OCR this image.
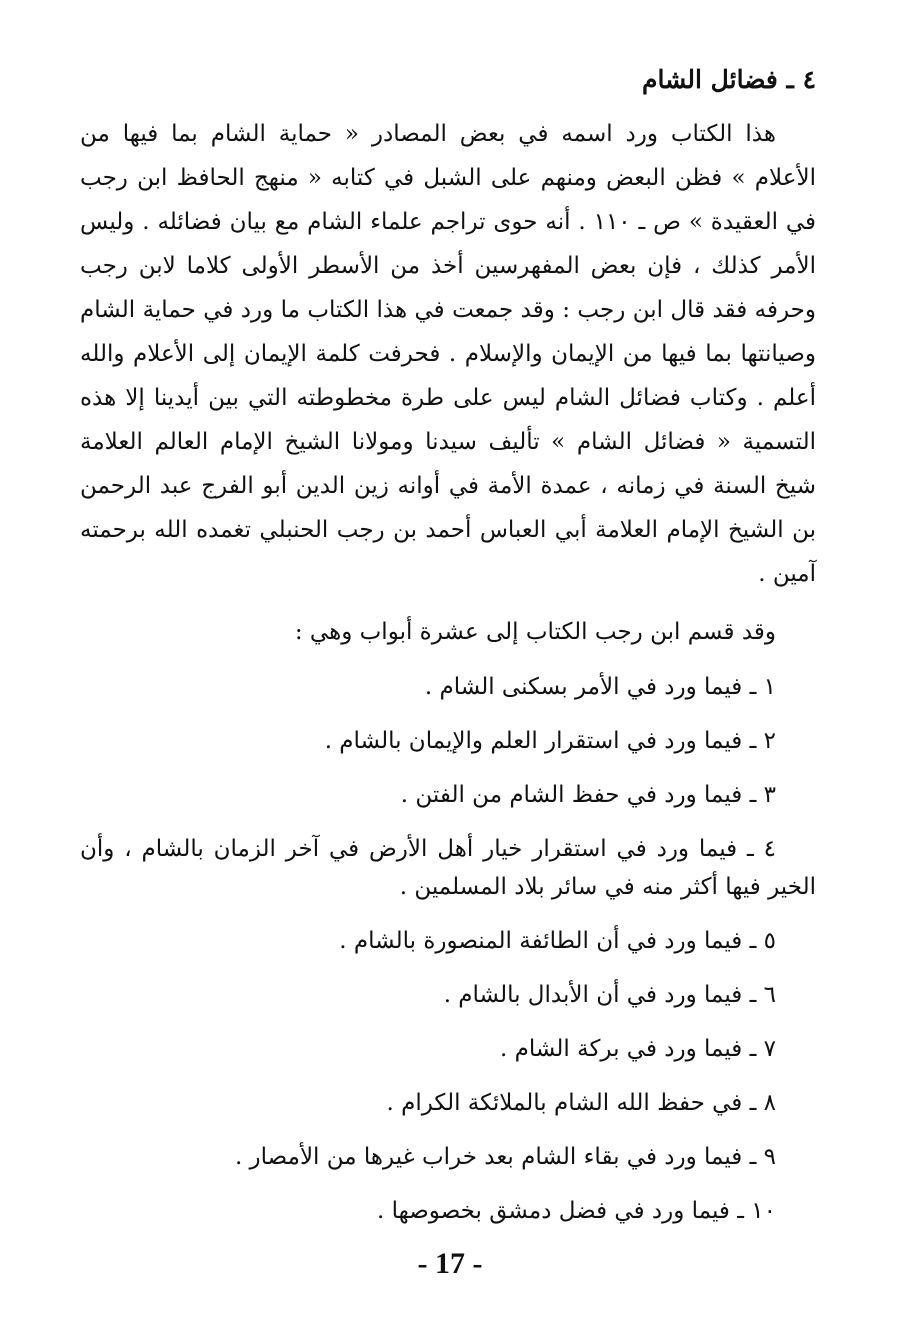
٤ ـ فضائل الشام

هذا الكتاب ورد اسمه في بعض المصادر « حماية الشام بما فيها من الأعلام » فظن البعض ومنهم على الشبل في كتابه « منهج الحافظ ابن رجب في العقيدة » ص ـ ١١٠ . أنه حوى تراجم علماء الشام مع بيان فضائله . وليس الأمر كذلك ، فإن بعض المفهرسين أخذ من الأسطر الأولى كلاما لابن رجب وحرفه فقد قال ابن رجب : وقد جمعت في هذا الكتاب ما ورد في حماية الشام وصيانتها بما فيها من الإيمان والإسلام . فحرفت كلمة الإيمان إلى الأعلام والله أعلم . وكتاب فضائل الشام ليس على طرة مخطوطته التي بين أيدينا إلا هذه التسمية « فضائل الشام » تأليف سيدنا ومولانا الشيخ الإمام العالم العلامة شيخ السنة في زمانه ، عمدة الأمة في أوانه زين الدين أبو الفرج عبد الرحمن بن الشيخ الإمام العلامة أبي العباس أحمد بن رجب الحنبلي تغمده الله برحمته آمين .

وقد قسم ابن رجب الكتاب إلى عشرة أبواب وهي :

١ ـ فيما ورد في الأمر بسكنى الشام .
٢ ـ فيما ورد في استقرار العلم والإيمان بالشام .
٣ ـ فيما ورد في حفظ الشام من الفتن .
٤ ـ فيما ورد في استقرار خيار أهل الأرض في آخر الزمان بالشام ، وأن الخير فيها أكثر منه في سائر بلاد المسلمين .
٥ ـ فيما ورد في أن الطائفة المنصورة بالشام .
٦ ـ فيما ورد في أن الأبدال بالشام .
٧ ـ فيما ورد في بركة الشام .
٨ ـ في حفظ الله الشام بالملائكة الكرام .
٩ ـ فيما ورد في بقاء الشام بعد خراب غيرها من الأمصار .
١٠ ـ فيما ورد في فضل دمشق بخصوصها .
- 17 -
